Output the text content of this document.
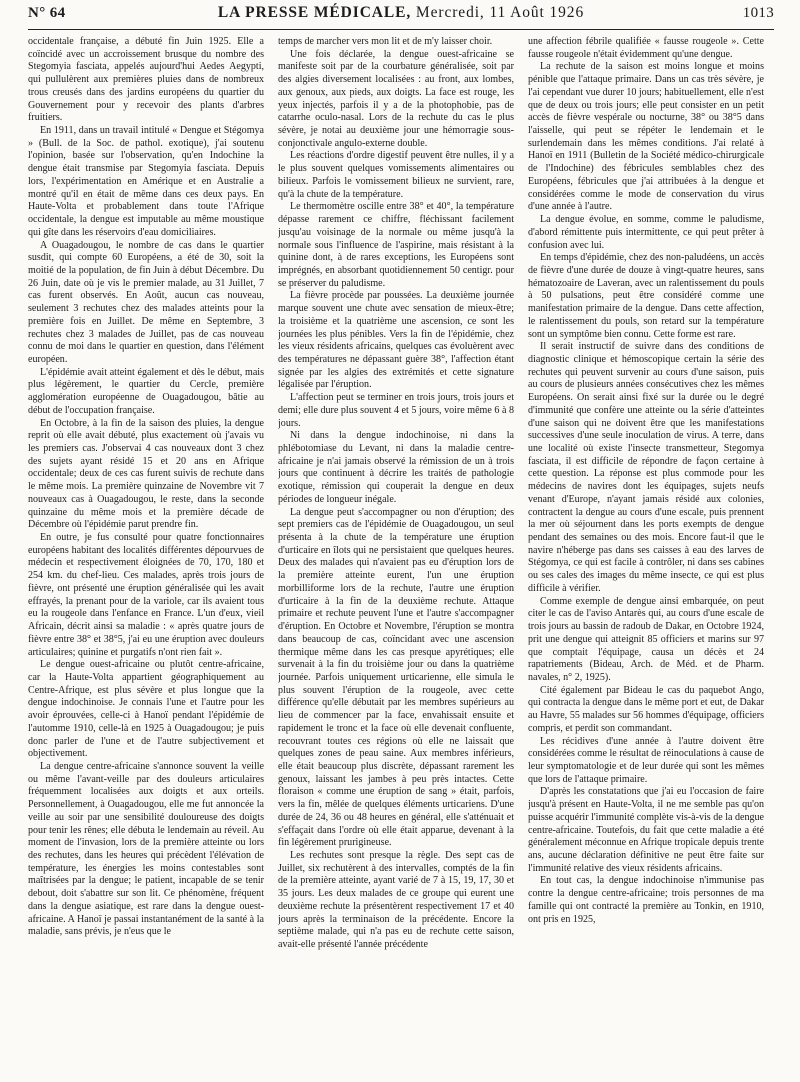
N° 64	LA PRESSE MÉDICALE, Mercredi, 11 Août 1926	1013

occidentale française, a débuté fin Juin 1925. Elle a coïncidé avec un accroissement brusque du nombre des Stegomyia fasciata, appelés aujourd'hui Aedes Aegypti, qui pullulèrent aux premières pluies dans de nombreux trous creusés dans des jardins européens du quartier du Gouvernement pour y recevoir des plants d'arbres fruitiers.

En 1911, dans un travail intitulé « Dengue et Stégomya » (Bull. de la Soc. de pathol. exotique), j'ai soutenu l'opinion, basée sur l'observation, qu'en Indochine la dengue était transmise par Stegomyia fasciata. Depuis lors, l'expérimentation en Amérique et en Australie a montré qu'il en était de même dans ces deux pays. En Haute-Volta et probablement dans toute l'Afrique occidentale, la dengue est imputable au même moustique qui gîte dans les réservoirs d'eau domiciliaires.

A Ouagadougou, le nombre de cas dans le quartier susdit, qui compte 60 Européens, a été de 30, soit la moitié de la population, de fin Juin à début Décembre. Du 26 Juin, date où je vis le premier malade, au 31 Juillet, 7 cas furent observés. En Août, aucun cas nouveau, seulement 3 rechutes chez des malades atteints pour la première fois en Juillet. De même en Septembre, 3 rechutes chez 3 malades de Juillet, pas de cas nouveau connu de moi dans le quartier en question, dans l'élément européen.

L'épidémie avait atteint également et dès le début, mais plus légèrement, le quartier du Cercle, première agglomération européenne de Ouagadougou, bâtie au début de l'occupation française.

En Octobre, à la fin de la saison des pluies, la dengue reprit où elle avait débuté, plus exactement où j'avais vu les premiers cas. J'observai 4 cas nouveaux dont 3 chez des sujets ayant résidé 15 et 20 ans en Afrique occidentale; deux de ces cas furent suivis de rechute dans le même mois. La première quinzaine de Novembre vit 7 nouveaux cas à Ouagadougou, le reste, dans la seconde quinzaine du même mois et la première décade de Décembre où l'épidémie parut prendre fin.

En outre, je fus consulté pour quatre fonctionnaires européens habitant des localités différentes dépourvues de médecin et respectivement éloignées de 70, 170, 180 et 254 km. du chef-lieu. Ces malades, après trois jours de fièvre, ont présenté une éruption généralisée qui les avait effrayés, la prenant pour de la variole, car ils avaient tous eu la rougeole dans l'enfance en France. L'un d'eux, vieil Africain, décrit ainsi sa maladie : « après quatre jours de fièvre entre 38° et 38°5, j'ai eu une éruption avec douleurs articulaires; quinine et purgatifs n'ont rien fait ».

Le dengue ouest-africaine ou plutôt centre-africaine, car la Haute-Volta appartient géographiquement au Centre-Afrique, est plus sévère et plus longue que la dengue indochinoise. Je connais l'une et l'autre pour les avoir éprouvées, celle-ci à Hanoï pendant l'épidémie de l'automme 1910, celle-là en 1925 à Ouagadougou; je puis donc parler de l'une et de l'autre subjectivement et objectivement.

La dengue centre-africaine s'annonce souvent la veille ou même l'avant-veille par des douleurs articulaires fréquemment localisées aux doigts et aux orteils. Personnellement, à Ouagadougou, elle me fut annoncée la veille au soir par une sensibilité douloureuse des doigts pour tenir les rênes; elle débuta le lendemain au réveil. Au moment de l'invasion, lors de la première atteinte ou lors des rechutes, dans les heures qui précèdent l'élévation de température, les énergies les moins contestables sont maîtrisées par la dengue; le patient, incapable de se tenir debout, doit s'abattre sur son lit. Ce phénomène, fréquent dans la dengue asiatique, est rare dans la dengue ouest-africaine. A Hanoï je passai instantanément de la santé à la maladie, sans prévis, je n'eus que le

temps de marcher vers mon lit et de m'y laisser choir.

Une fois déclarée, la dengue ouest-africaine se manifeste soit par de la courbature généralisée, soit par des algies diversement localisées : au front, aux lombes, aux genoux, aux pieds, aux doigts. La face est rouge, les yeux injectés, parfois il y a de la photophobie, pas de catarrhe oculo-nasal. Lors de la rechute du cas le plus sévère, je notai au deuxième jour une hémorragie sous-conjonctivale angulo-externe double.

Les réactions d'ordre digestif peuvent être nulles, il y a le plus souvent quelques vomissements alimentaires ou bilieux. Parfois le vomissement bilieux ne survient, rare, qu'à la chute de la température.

Le thermomètre oscille entre 38° et 40°, la température dépasse rarement ce chiffre, fléchissant facilement jusqu'au voisinage de la normale ou même jusqu'à la normale sous l'influence de l'aspirine, mais résistant à la quinine dont, à de rares exceptions, les Européens sont imprégnés, en absorbant quotidiennement 50 centigr. pour se préserver du paludisme.

La fièvre procède par poussées. La deuxième journée marque souvent une chute avec sensation de mieux-être; la troisième et la quatrième une ascension, ce sont les journées les plus pénibles. Vers la fin de l'épidémie, chez les vieux résidents africains, quelques cas évoluèrent avec des températures ne dépassant guère 38°, l'affection étant signée par les algies des extrémités et cette signature légalisée par l'éruption.

L'affection peut se terminer en trois jours, trois jours et demi; elle dure plus souvent 4 et 5 jours, voire même 6 à 8 jours.

Ni dans la dengue indochinoise, ni dans la phlébotomiase du Levant, ni dans la maladie centre-africaine je n'ai jamais observé la rémission de un à trois jours que continuent à décrire les traités de pathologie exotique, rémission qui couperait la dengue en deux périodes de longueur inégale.

La dengue peut s'accompagner ou non d'éruption; des sept premiers cas de l'épidémie de Ouagadougou, un seul présenta à la chute de la température une éruption d'urticaire en îlots qui ne persistaient que quelques heures. Deux des malades qui n'avaient pas eu d'éruption lors de la première atteinte eurent, l'un une éruption morbilliforme lors de la rechute, l'autre une éruption d'urticaire à la fin de la deuxième rechute. Attaque primaire et rechute peuvent l'une et l'autre s'accompagner d'éruption. En Octobre et Novembre, l'éruption se montra dans beaucoup de cas, coïncidant avec une ascension thermique même dans les cas presque apyrétiques; elle survenait à la fin du troisième jour ou dans la quatrième journée. Parfois uniquement urticarienne, elle simula le plus souvent l'éruption de la rougeole, avec cette différence qu'elle débutait par les membres supérieurs au lieu de commencer par la face, envahissait ensuite et rapidement le tronc et la face où elle devenait confluente, recouvrant toutes ces régions où elle ne laissait que quelques zones de peau saine. Aux membres inférieurs, elle était beaucoup plus discrète, dépassant rarement les genoux, laissant les jambes à peu près intactes. Cette floraison « comme une éruption de sang » était, parfois, vers la fin, mêlée de quelques éléments urticariens. D'une durée de 24, 36 ou 48 heures en général, elle s'atténuait et s'effaçait dans l'ordre où elle était apparue, devenant à la fin légèrement prurigineuse.

Les rechutes sont presque la règle. Des sept cas de Juillet, six rechutèrent à des intervalles, comptés de la fin de la première atteinte, ayant varié de 7 à 15, 19, 17, 30 et 35 jours. Les deux malades de ce groupe qui eurent une deuxième rechute la présentèrent respectivement 17 et 40 jours après la terminaison de la précédente. Encore la septième malade, qui n'a pas eu de rechute cette saison, avait-elle présenté l'année précédente

une affection fébrile qualifiée « fausse rougeole ». Cette fausse rougeole n'était évidemment qu'une dengue.

La rechute de la saison est moins longue et moins pénible que l'attaque primaire. Dans un cas très sévère, je l'ai cependant vue durer 10 jours; habituellement, elle n'est que de deux ou trois jours; elle peut consister en un petit accès de fièvre vespérale ou nocturne, 38° ou 38°5 dans l'aisselle, qui peut se répéter le lendemain et le surlendemain dans les mêmes conditions. J'ai relaté à Hanoï en 1911 (Bulletin de la Société médico-chirurgicale de l'Indochine) des fébricules semblables chez des Européens, fébricules que j'ai attribuées à la dengue et considérées comme le mode de conservation du virus d'une année à l'autre.

La dengue évolue, en somme, comme le paludisme, d'abord rémittente puis intermittente, ce qui peut prêter à confusion avec lui.

En temps d'épidémie, chez des non-paludéens, un accès de fièvre d'une durée de douze à vingt-quatre heures, sans hématozoaire de Laveran, avec un ralentissement du pouls à 50 pulsations, peut être considéré comme une manifestation primaire de la dengue. Dans cette affection, le ralentissement du pouls, son retard sur la température sont un symptôme bien connu. Cette forme est rare.

Il serait instructif de suivre dans des conditions de diagnostic clinique et hémoscopique certain la série des rechutes qui peuvent survenir au cours d'une saison, puis au cours de plusieurs années consécutives chez les mêmes Européens. On serait ainsi fixé sur la durée ou le degré d'immunité que confère une atteinte ou la série d'atteintes d'une saison qui ne doivent être que les manifestations successives d'une seule inoculation de virus. A terre, dans une localité où existe l'insecte transmetteur, Stegomya fasciata, il est difficile de répondre de façon certaine à cette question. La réponse est plus commode pour les médecins de navires dont les équipages, sujets neufs venant d'Europe, n'ayant jamais résidé aux colonies, contractent la dengue au cours d'une escale, puis prennent la mer où séjournent dans les ports exempts de dengue pendant des semaines ou des mois. Encore faut-il que le navire n'héberge pas dans ses caisses à eau des larves de Stégomya, ce qui est facile à contrôler, ni dans ses cabines ou ses cales des images du même insecte, ce qui est plus difficile à vérifier.

Comme exemple de dengue ainsi embarquée, on peut citer le cas de l'aviso Antarès qui, au cours d'une escale de trois jours au bassin de radoub de Dakar, en Octobre 1924, prit une dengue qui atteignit 85 officiers et marins sur 97 que comptait l'équipage, causa un décès et 24 rapatriements (Bideau, Arch. de Méd. et de Pharm. navales, n° 2, 1925).

Cité également par Bideau le cas du paquebot Ango, qui contracta la dengue dans le même port et eut, de Dakar au Havre, 55 malades sur 56 hommes d'équipage, officiers compris, et perdit son commandant.

Les récidives d'une année à l'autre doivent être considérées comme le résultat de réinoculations à cause de leur symptomatologie et de leur durée qui sont les mêmes que lors de l'attaque primaire.

D'après les constatations que j'ai eu l'occasion de faire jusqu'à présent en Haute-Volta, il ne me semble pas qu'on puisse acquérir l'immunité complète vis-à-vis de la dengue centre-africaine. Toutefois, du fait que cette maladie a été généralement méconnue en Afrique tropicale depuis trente ans, aucune déclaration définitive ne peut être faite sur l'immunité relative des vieux résidents africains.

En tout cas, la dengue indochinoise n'immunise pas contre la dengue centre-africaine; trois personnes de ma famille qui ont contracté la première au Tonkin, en 1910, ont pris en 1925,
